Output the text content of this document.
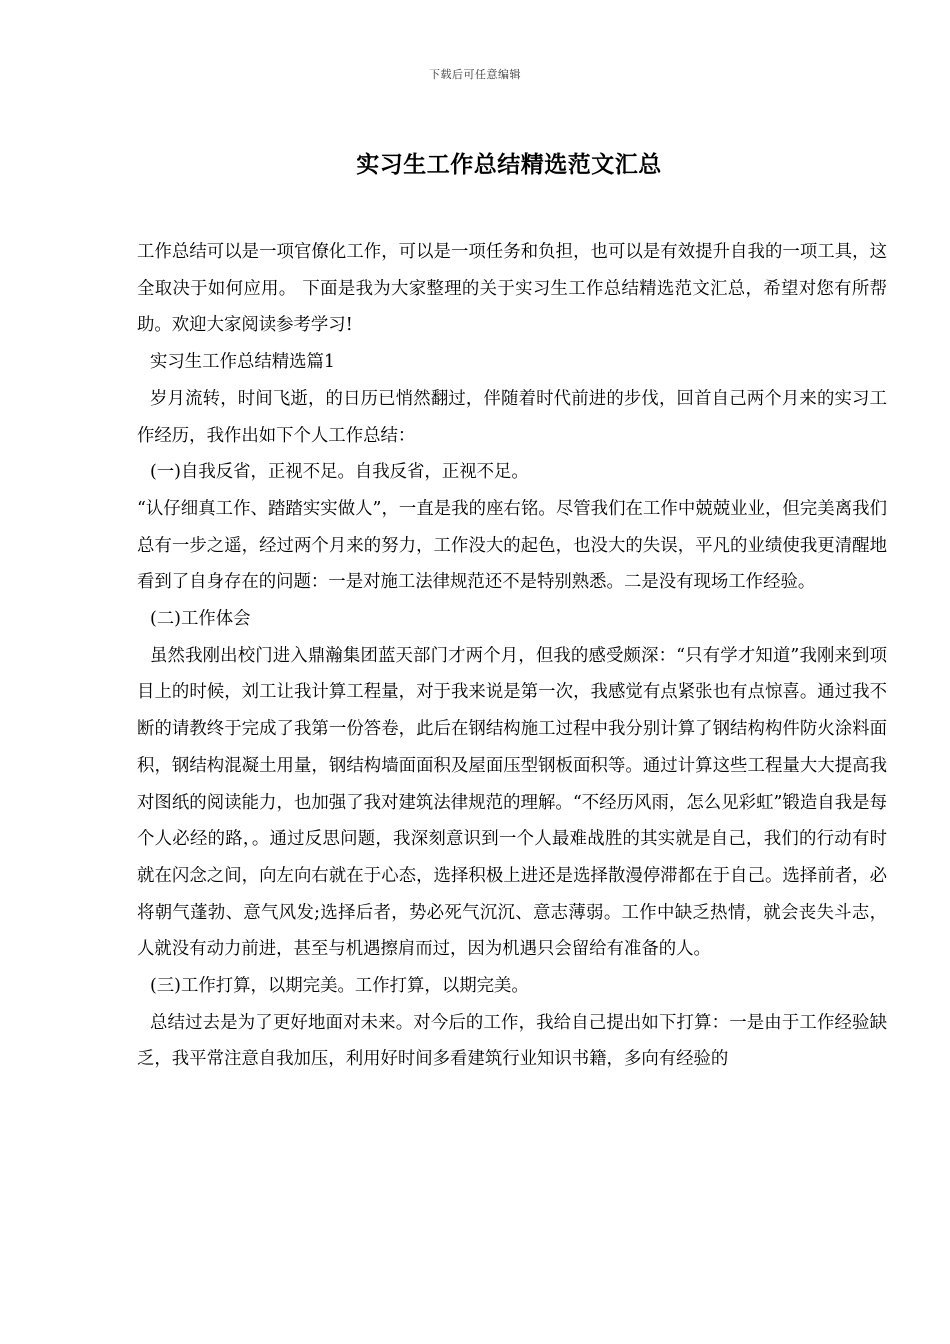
下载后可任意编辑
实习生工作总结精选范文汇总

工作总结可以是一项官僚化工作，可以是一项任务和负担，也可以是有效提升自我的一项工具，这全取决于如何应用。 下面是我为大家整理的关于实习生工作总结精选范文汇总，希望对您有所帮助。欢迎大家阅读参考学习!

实习生工作总结精选篇1

岁月流转，时间飞逝，的日历已悄然翻过，伴随着时代前进的步伐，回首自己两个月来的实习工作经历，我作出如下个人工作总结：

(一)自我反省，正视不足。自我反省，正视不足。

“认仔细真工作、踏踏实实做人”，一直是我的座右铭。尽管我们在工作中兢兢业业，但完美离我们总有一步之遥，经过两个月来的努力，工作没大的起色，也没大的失误，平凡的业绩使我更清醒地看到了自身存在的问题：一是对施工法律规范还不是特别熟悉。二是没有现场工作经验。

(二)工作体会

虽然我刚出校门进入鼎瀚集团蓝天部门才两个月，但我的感受颇深：“只有学才知道”我刚来到项目上的时候，刘工让我计算工程量，对于我来说是第一次，我感觉有点紧张也有点惊喜。通过我不断的请教终于完成了我第一份答卷，此后在钢结构施工过程中我分别计算了钢结构构件防火涂料面积，钢结构混凝土用量，钢结构墙面面积及屋面压型钢板面积等。通过计算这些工程量大大提高我对图纸的阅读能力，也加强了我对建筑法律规范的理解。“不经历风雨，怎么见彩虹”锻造自我是每个人必经的路，。通过反思问题，我深刻意识到一个人最难战胜的其实就是自己，我们的行动有时就在闪念之间，向左向右就在于心态，选择积极上进还是选择散漫停滞都在于自己。选择前者，必将朝气蓬勃、意气风发;选择后者，势必死气沉沉、意志薄弱。工作中缺乏热情，就会丧失斗志，人就没有动力前进，甚至与机遇擦肩而过，因为机遇只会留给有准备的人。

(三)工作打算，以期完美。工作打算，以期完美。

总结过去是为了更好地面对未来。对今后的工作，我给自己提出如下打算：一是由于工作经验缺乏，我平常注意自我加压，利用好时间多看建筑行业知识书籍，多向有经验的
